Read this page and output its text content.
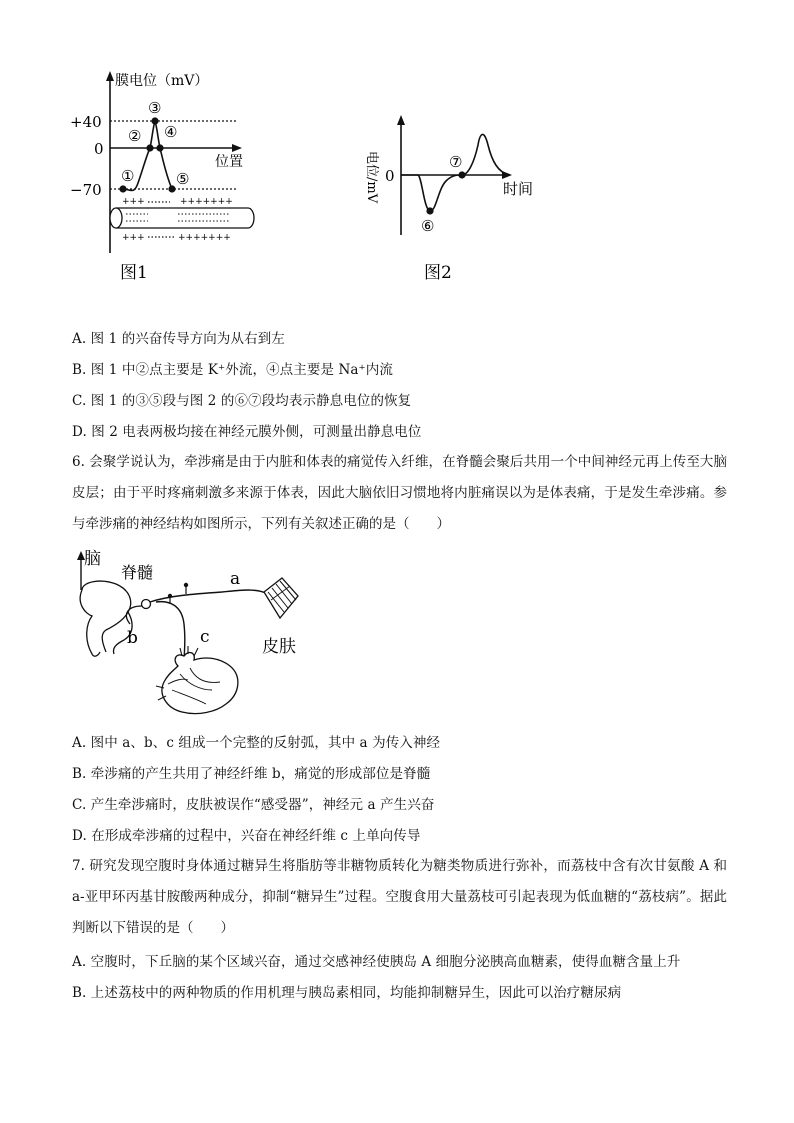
膜电位（mV）
位置
+40
0
−70
①
②
③
④
⑤
+++	+++++++
+++	+++++++
图1
0
电位/mV	时间
⑥
⑦
图2
A. 图 1 的兴奋传导方向为从右到左
B. 图 1 中②点主要是 K⁺外流，④点主要是 Na⁺内流
C. 图 1 的③⑤段与图 2 的⑥⑦段均表示静息电位的恢复
D. 图 2 电表两极均接在神经元膜外侧，可测量出静息电位
6. 会聚学说认为，牵涉痛是由于内脏和体表的痛觉传入纤维，在脊髓会聚后共用一个中间神经元再上传至大脑皮层；由于平时疼痛刺激多来源于体表，因此大脑依旧习惯地将内脏痛误以为是体表痛，于是发生牵涉痛。参与牵涉痛的神经结构如图所示，下列有关叙述正确的是（　　）
脑
脊髓
b
a
c	皮肤
A. 图中 a、b、c 组成一个完整的反射弧，其中 a 为传入神经
B. 牵涉痛的产生共用了神经纤维 b，痛觉的形成部位是脊髓
C. 产生牵涉痛时，皮肤被误作“感受器”，神经元 a 产生兴奋
D. 在形成牵涉痛的过程中，兴奋在神经纤维 c 上单向传导
7. 研究发现空腹时身体通过糖异生将脂肪等非糖物质转化为糖类物质进行弥补，而荔枝中含有次甘氨酸 A 和 a-亚甲环丙基甘胺酸两种成分，抑制“糖异生”过程。空腹食用大量荔枝可引起表现为低血糖的“荔枝病”。据此判断以下错误的是（　　）
A. 空腹时，下丘脑的某个区域兴奋，通过交感神经使胰岛 A 细胞分泌胰高血糖素，使得血糖含量上升
B. 上述荔枝中的两种物质的作用机理与胰岛素相同，均能抑制糖异生，因此可以治疗糖尿病
